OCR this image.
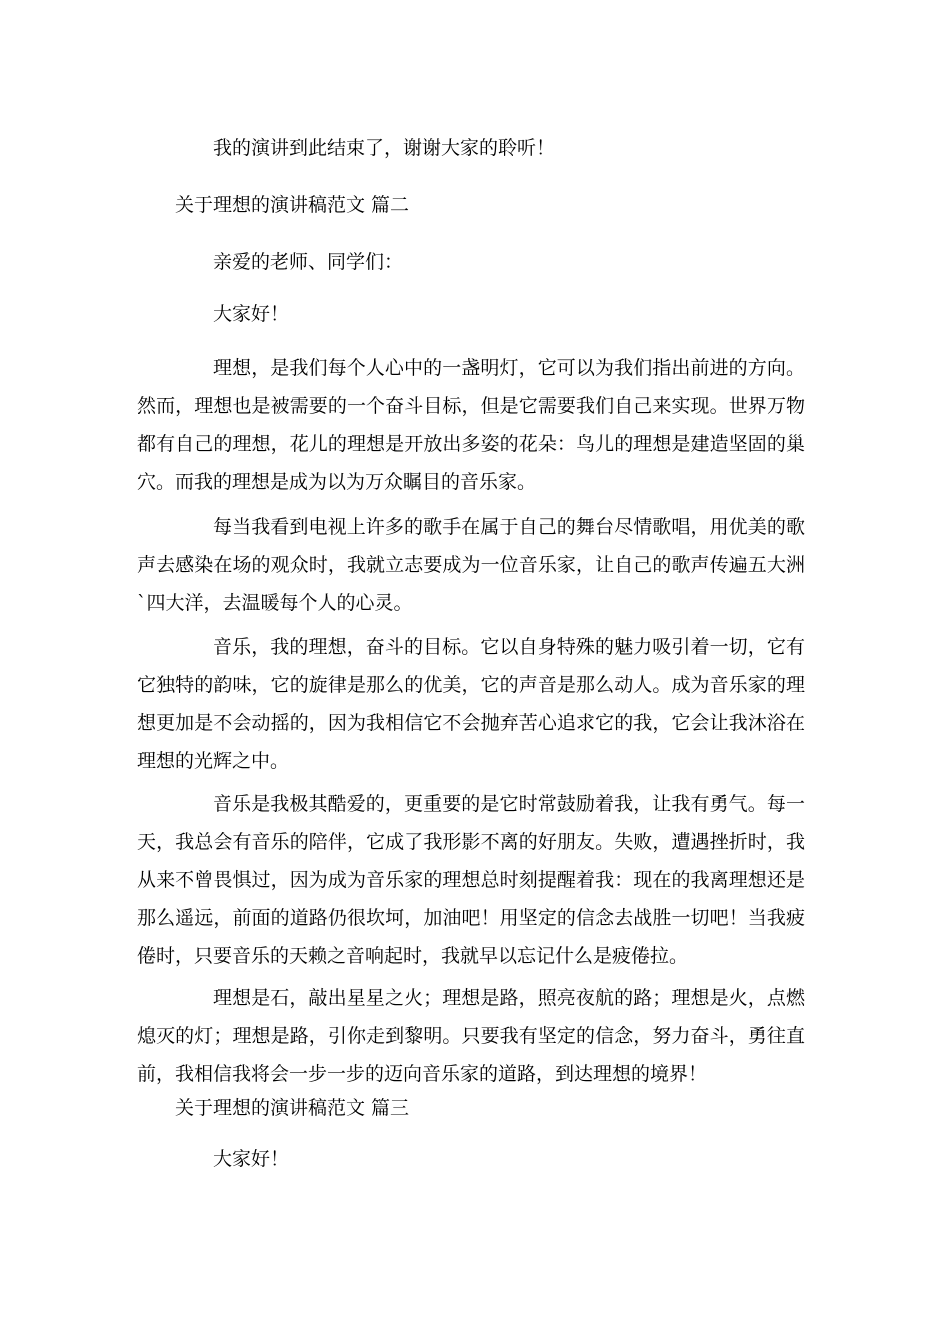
我的演讲到此结束了，谢谢大家的聆听！

关于理想的演讲稿范文 篇二

亲爱的老师、同学们：

大家好！

理想，是我们每个人心中的一盏明灯，它可以为我们指出前进的方向。然而，理想也是被需要的一个奋斗目标，但是它需要我们自己来实现。世界万物都有自己的理想，花儿的理想是开放出多姿的花朵：鸟儿的理想是建造坚固的巢穴。而我的理想是成为以为万众瞩目的音乐家。

每当我看到电视上许多的歌手在属于自己的舞台尽情歌唱，用优美的歌声去感染在场的观众时，我就立志要成为一位音乐家，让自己的歌声传遍五大洲`四大洋，去温暖每个人的心灵。

音乐，我的理想，奋斗的目标。它以自身特殊的魅力吸引着一切，它有它独特的韵味，它的旋律是那么的优美，它的声音是那么动人。成为音乐家的理想更加是不会动摇的，因为我相信它不会抛弃苦心追求它的我，它会让我沐浴在理想的光辉之中。

音乐是我极其酷爱的，更重要的是它时常鼓励着我，让我有勇气。每一天，我总会有音乐的陪伴，它成了我形影不离的好朋友。失败，遭遇挫折时，我从来不曾畏惧过，因为成为音乐家的理想总时刻提醒着我：现在的我离理想还是那么遥远，前面的道路仍很坎坷，加油吧！用坚定的信念去战胜一切吧！当我疲倦时，只要音乐的天赖之音响起时，我就早以忘记什么是疲倦拉。

理想是石，敲出星星之火；理想是路，照亮夜航的路；理想是火，点燃熄灭的灯；理想是路，引你走到黎明。只要我有坚定的信念，努力奋斗，勇往直前，我相信我将会一步一步的迈向音乐家的道路，到达理想的境界！

关于理想的演讲稿范文 篇三

大家好！
